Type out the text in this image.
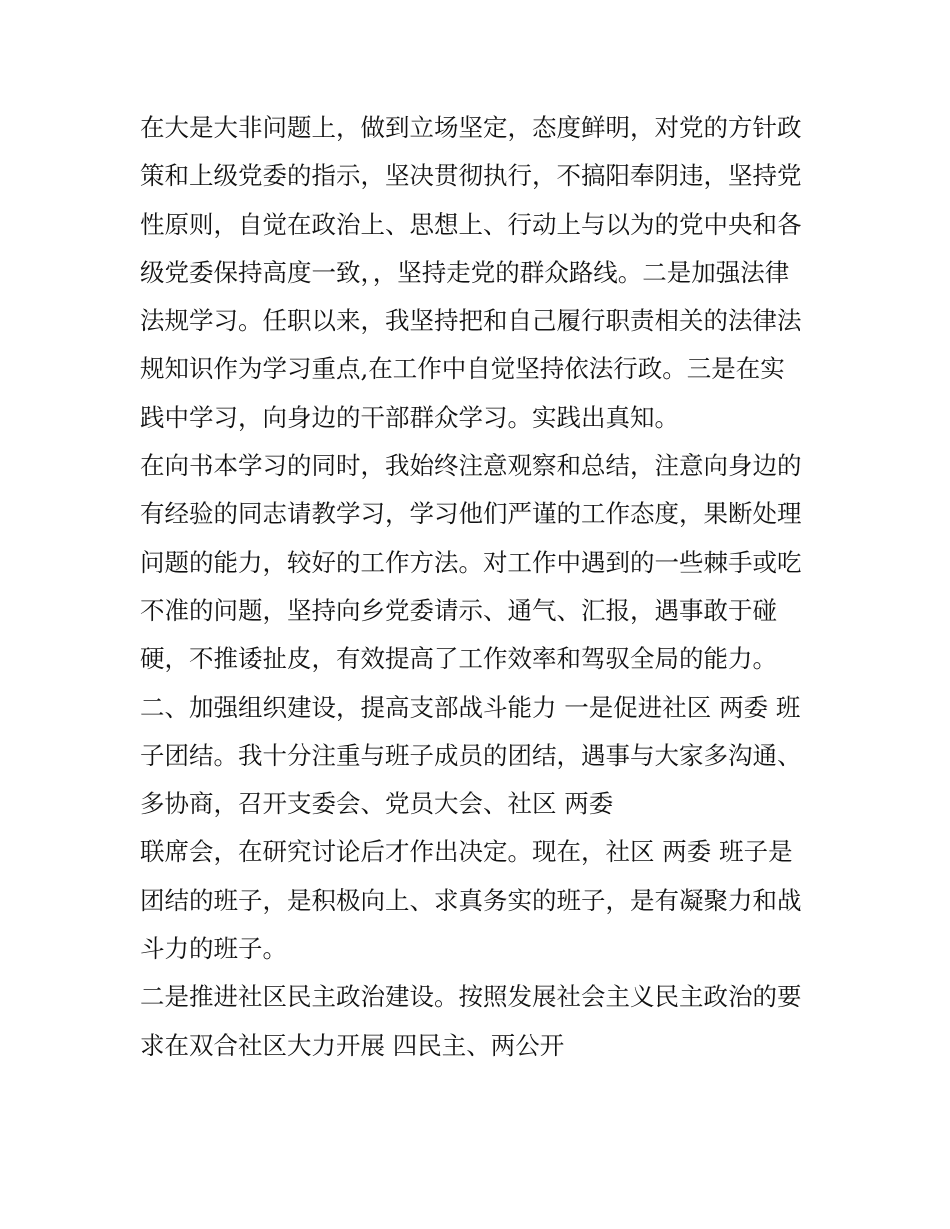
在大是大非问题上，做到立场坚定，态度鲜明，对党的方针政
策和上级党委的指示，坚决贯彻执行，不搞阳奉阴违，坚持党
性原则，自觉在政治上、思想上、行动上与以为的党中央和各
级党委保持高度一致，，坚持走党的群众路线。二是加强法律
法规学习。任职以来，我坚持把和自己履行职责相关的法律法
规知识作为学习重点,在工作中自觉坚持依法行政。三是在实
践中学习，向身边的干部群众学习。实践出真知。
在向书本学习的同时，我始终注意观察和总结，注意向身边的
有经验的同志请教学习，学习他们严谨的工作态度，果断处理
问题的能力，较好的工作方法。对工作中遇到的一些棘手或吃
不准的问题，坚持向乡党委请示、通气、汇报，遇事敢于碰
硬，不推诿扯皮，有效提高了工作效率和驾驭全局的能力。
二、加强组织建设，提高支部战斗能力 一是促进社区 两委 班
子团结。我十分注重与班子成员的团结，遇事与大家多沟通、
多协商，召开支委会、党员大会、社区 两委
联席会，在研究讨论后才作出决定。现在，社区 两委 班子是
团结的班子，是积极向上、求真务实的班子，是有凝聚力和战
斗力的班子。
二是推进社区民主政治建设。按照发展社会主义民主政治的要
求在双合社区大力开展 四民主、两公开
